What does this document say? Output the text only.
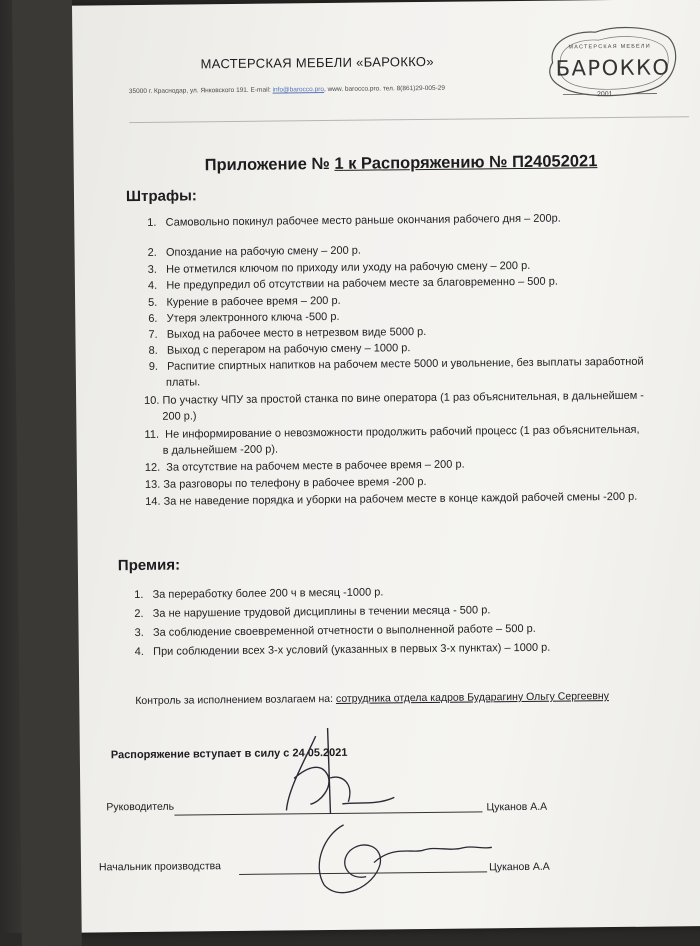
МАСТЕРСКАЯ МЕБЕЛИ «БАРОККО»
35000 г. Краснодар, ул. Янковского 191. E-mail: info@barocco.pro, www. barocco.pro. тел. 8(861)29-005-29
МАСТЕРСКАЯ МЕБЕЛИ
БАРОККО
2001
Приложение № 1 к Распоряжению № П24052021
Штрафы:
1. Самовольно покинул рабочее место раньше окончания рабочего дня – 200р.
2. Опоздание на рабочую смену – 200 р.
3. Не отметился ключом по приходу или уходу на рабочую смену – 200 р.
4. Не предупредил об отсутствии на рабочем месте за благовременно – 500 р.
5. Курение в рабочее время – 200 р.
6. Утеря электронного ключа -500 р.
7. Выход на рабочее место в нетрезвом виде 5000 р.
8. Выход с перегаром на рабочую смену – 1000 р.
9. Распитие спиртных напитков на рабочем месте 5000 и увольнение, без выплаты заработной
платы.
10. По участку ЧПУ за простой станка по вине оператора (1 раз объяснительная, в дальнейшем -
200 р.)
11. Не информирование о невозможности продолжить рабочий процесс (1 раз объяснительная,
в дальнейшем -200 р).
12. За отсутствие на рабочем месте в рабочее время – 200 р.
13. За разговоры по телефону в рабочее время -200 р.
14. За не наведение порядка и уборки на рабочем месте в конце каждой рабочей смены -200 р.
Премия:
1. За переработку более 200 ч в месяц -1000 р.
2. За не нарушение трудовой дисциплины в течении месяца - 500 р.
3. За соблюдение своевременной отчетности о выполненной работе – 500 р.
4. При соблюдении всех 3-х условий (указанных в первых 3-х пунктах) – 1000 р.
Контроль за исполнением возлагаем на: сотрудника отдела кадров Бударагину Ольгу Сергеевну
Распоряжение вступает в силу с 24.05.2021
Руководитель	Цуканов А.А
Начальник производства	Цуканов А.А
